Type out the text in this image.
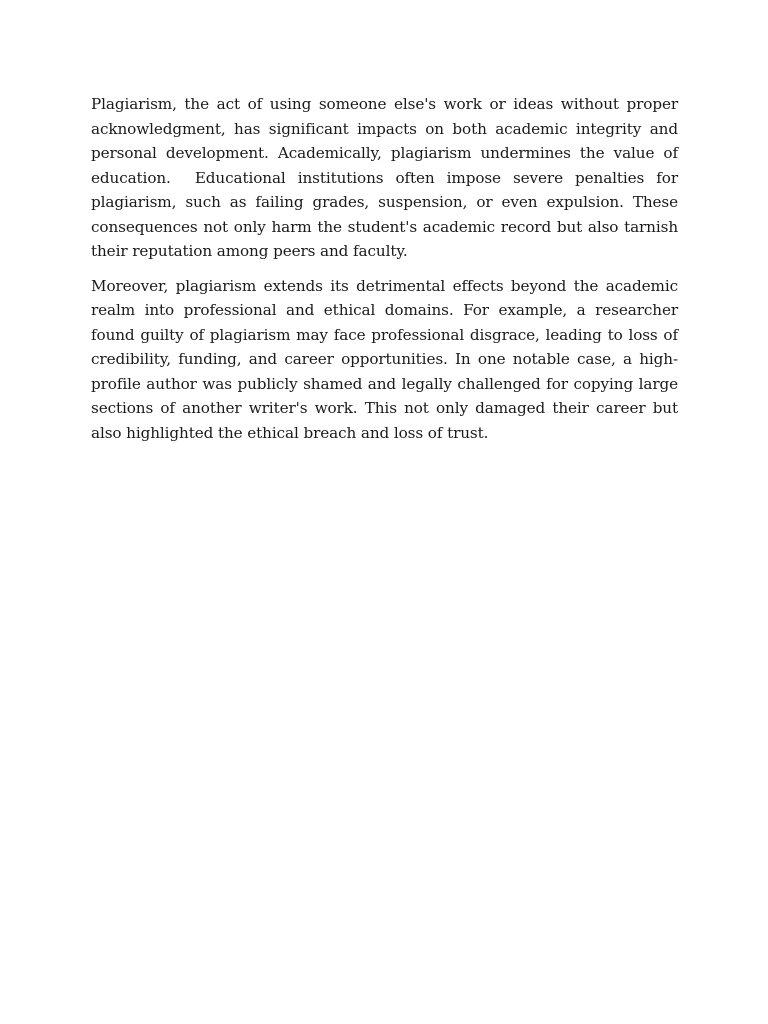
Plagiarism, the act of using someone else's work or ideas without proper acknowledgment, has significant impacts on both academic integrity and personal development. Academically, plagiarism undermines the value of education.  Educational institutions often impose severe penalties for plagiarism, such as failing grades, suspension, or even expulsion. These consequences not only harm the student's academic record but also tarnish their reputation among peers and faculty.

Moreover, plagiarism extends its detrimental effects beyond the academic realm into professional and ethical domains. For example, a researcher found guilty of plagiarism may face professional disgrace, leading to loss of credibility, funding, and career opportunities. In one notable case, a high-profile author was publicly shamed and legally challenged for copying large sections of another writer's work. This not only damaged their career but also highlighted the ethical breach and loss of trust.
